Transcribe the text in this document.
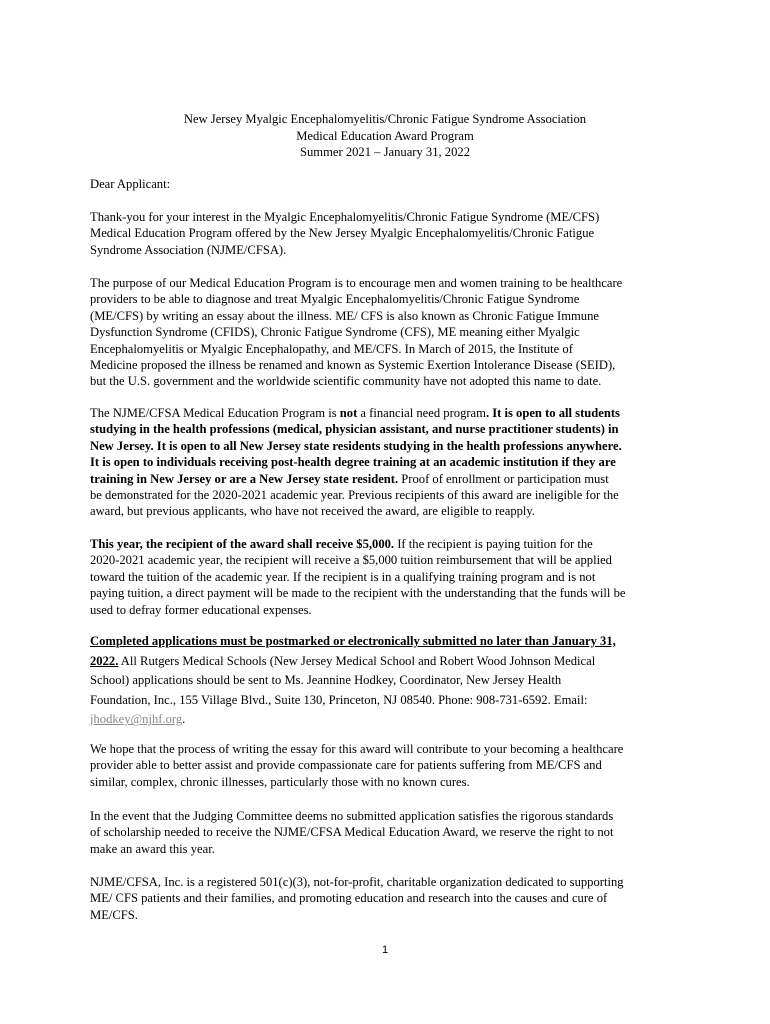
New Jersey Myalgic Encephalomyelitis/Chronic Fatigue Syndrome Association
Medical Education Award Program
Summer 2021 – January 31, 2022
Dear Applicant:
Thank-you for your interest in the Myalgic Encephalomyelitis/Chronic Fatigue Syndrome (ME/CFS)
Medical Education Program offered by the New Jersey Myalgic Encephalomyelitis/Chronic Fatigue
Syndrome Association (NJME/CFSA).
The purpose of our Medical Education Program is to encourage men and women training to be healthcare
providers to be able to diagnose and treat Myalgic Encephalomyelitis/Chronic Fatigue Syndrome
(ME/CFS) by writing an essay about the illness. ME/ CFS is also known as Chronic Fatigue Immune
Dysfunction Syndrome (CFIDS), Chronic Fatigue Syndrome (CFS), ME meaning either Myalgic
Encephalomyelitis or Myalgic Encephalopathy, and ME/CFS. In March of 2015, the Institute of
Medicine proposed the illness be renamed and known as Systemic Exertion Intolerance Disease (SEID),
but the U.S. government and the worldwide scientific community have not adopted this name to date.
The NJME/CFSA Medical Education Program is not a financial need program. It is open to all students
studying in the health professions (medical, physician assistant, and nurse practitioner students) in
New Jersey. It is open to all New Jersey state residents studying in the health professions anywhere.
It is open to individuals receiving post-health degree training at an academic institution if they are
training in New Jersey or are a New Jersey state resident. Proof of enrollment or participation must
be demonstrated for the 2020-2021 academic year. Previous recipients of this award are ineligible for the
award, but previous applicants, who have not received the award, are eligible to reapply.
This year, the recipient of the award shall receive $5,000. If the recipient is paying tuition for the
2020-2021 academic year, the recipient will receive a $5,000 tuition reimbursement that will be applied
toward the tuition of the academic year. If the recipient is in a qualifying training program and is not
paying tuition, a direct payment will be made to the recipient with the understanding that the funds will be
used to defray former educational expenses.
Completed applications must be postmarked or electronically submitted no later than January 31,
2022. All Rutgers Medical Schools (New Jersey Medical School and Robert Wood Johnson Medical
School) applications should be sent to Ms. Jeannine Hodkey, Coordinator, New Jersey Health
Foundation, Inc., 155 Village Blvd., Suite 130, Princeton, NJ 08540. Phone: 908-731-6592. Email:
jhodkey@njhf.org.
We hope that the process of writing the essay for this award will contribute to your becoming a healthcare
provider able to better assist and provide compassionate care for patients suffering from ME/CFS and
similar, complex, chronic illnesses, particularly those with no known cures.
In the event that the Judging Committee deems no submitted application satisfies the rigorous standards
of scholarship needed to receive the NJME/CFSA Medical Education Award, we reserve the right to not
make an award this year.
NJME/CFSA, Inc. is a registered 501(c)(3), not-for-profit, charitable organization dedicated to supporting
ME/ CFS patients and their families, and promoting education and research into the causes and cure of
ME/CFS.
1
